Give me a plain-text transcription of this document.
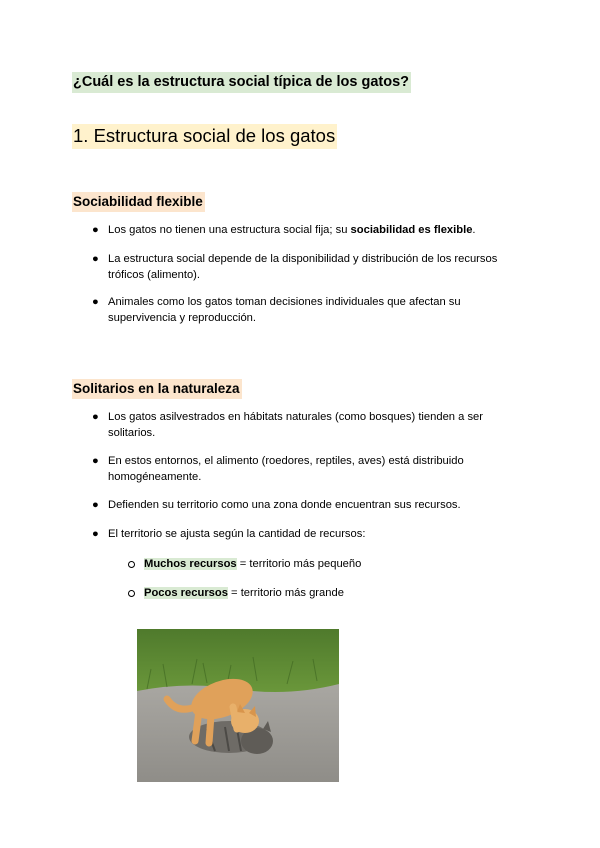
¿Cuál es la estructura social típica de los gatos?
1. Estructura social de los gatos
Sociabilidad flexible
● Los gatos no tienen una estructura social fija; su sociabilidad es flexible.
● La estructura social depende de la disponibilidad y distribución de los recursos tróficos (alimento).
● Animales como los gatos toman decisiones individuales que afectan su supervivencia y reproducción.
Solitarios en la naturaleza
● Los gatos asilvestrados en hábitats naturales (como bosques) tienden a ser solitarios.
● En estos entornos, el alimento (roedores, reptiles, aves) está distribuido homogéneamente.
● Defienden su territorio como una zona donde encuentran sus recursos.
● El territorio se ajusta según la cantidad de recursos:
Muchos recursos = territorio más pequeño
Pocos recursos = territorio más grande
